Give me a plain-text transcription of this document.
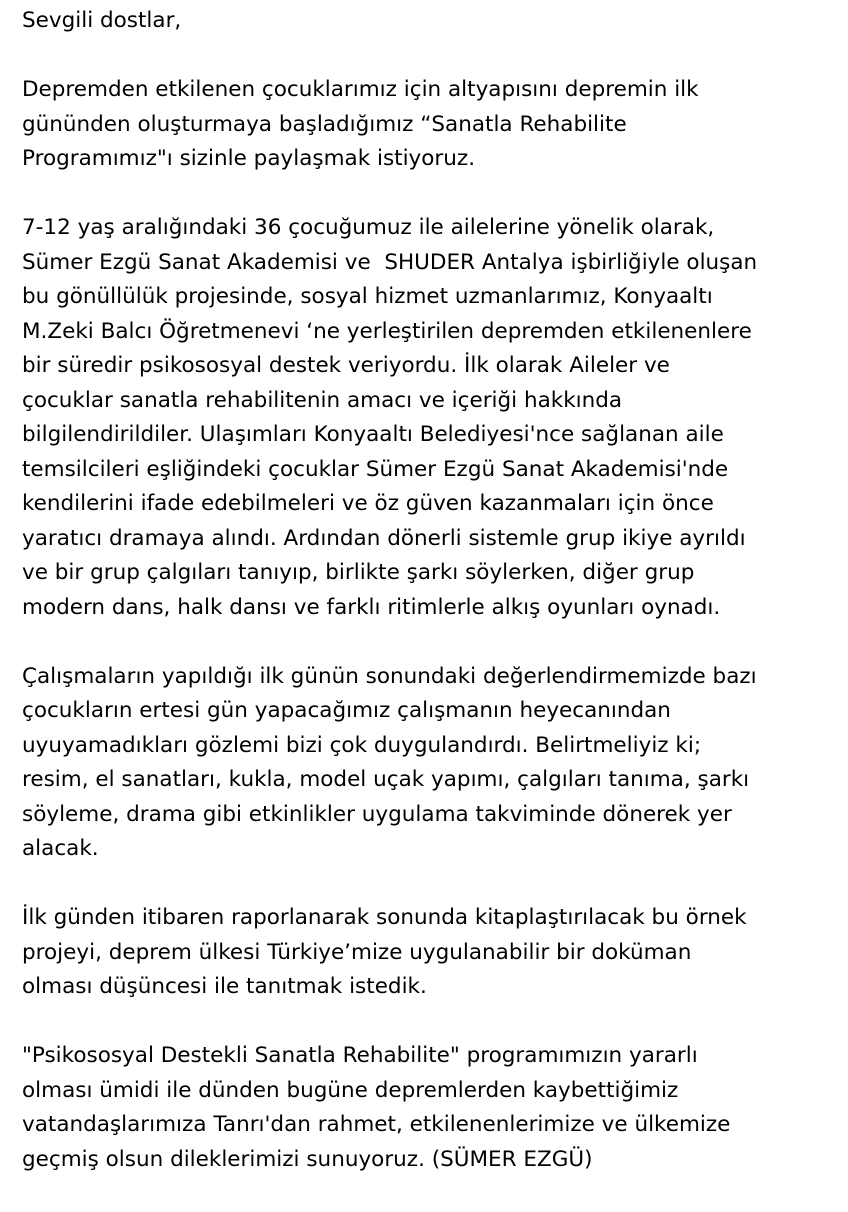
Sevgili dostlar,

Depremden etkilenen çocuklarımız için altyapısını depremin ilk
gününden oluşturmaya başladığımız “Sanatla Rehabilite
Programımız"ı sizinle paylaşmak istiyoruz.

7-12 yaş aralığındaki 36 çocuğumuz ile ailelerine yönelik olarak,
Sümer Ezgü Sanat Akademisi ve  SHUDER Antalya işbirliğiyle oluşan
bu gönüllülük projesinde, sosyal hizmet uzmanlarımız, Konyaaltı
M.Zeki Balcı Öğretmenevi ‘ne yerleştirilen depremden etkilenenlere
bir süredir psikososyal destek veriyordu. İlk olarak Aileler ve
çocuklar sanatla rehabilitenin amacı ve içeriği hakkında
bilgilendirildiler. Ulaşımları Konyaaltı Belediyesi'nce sağlanan aile
temsilcileri eşliğindeki çocuklar Sümer Ezgü Sanat Akademisi'nde
kendilerini ifade edebilmeleri ve öz güven kazanmaları için önce
yaratıcı dramaya alındı. Ardından dönerli sistemle grup ikiye ayrıldı
ve bir grup çalgıları tanıyıp, birlikte şarkı söylerken, diğer grup
modern dans, halk dansı ve farklı ritimlerle alkış oyunları oynadı.

Çalışmaların yapıldığı ilk günün sonundaki değerlendirmemizde bazı
çocukların ertesi gün yapacağımız çalışmanın heyecanından
uyuyamadıkları gözlemi bizi çok duygulandırdı. Belirtmeliyiz ki;
resim, el sanatları, kukla, model uçak yapımı, çalgıları tanıma, şarkı
söyleme, drama gibi etkinlikler uygulama takviminde dönerek yer
alacak.

İlk günden itibaren raporlanarak sonunda kitaplaştırılacak bu örnek
projeyi, deprem ülkesi Türkiye’mize uygulanabilir bir doküman
olması düşüncesi ile tanıtmak istedik.

"Psikososyal Destekli Sanatla Rehabilite" programımızın yararlı
olması ümidi ile dünden bugüne depremlerden kaybettiğimiz
vatandaşlarımıza Tanrı'dan rahmet, etkilenenlerimize ve ülkemize
geçmiş olsun dileklerimizi sunuyoruz. (SÜMER EZGÜ)
